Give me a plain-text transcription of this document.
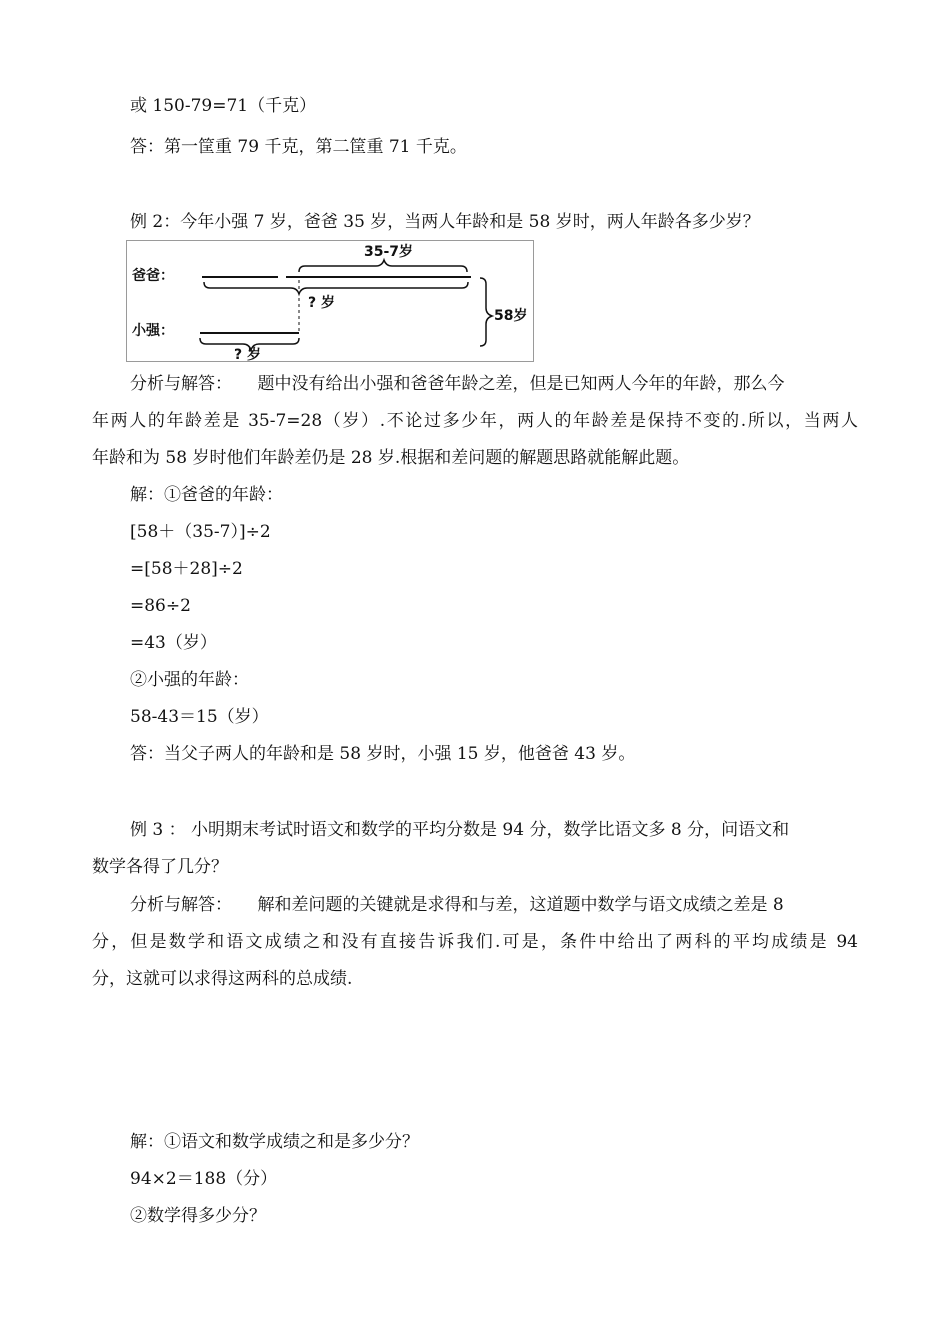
或 150-79=71（千克）
答：第一筐重 79 千克，第二筐重 71 千克。
例 2：今年小强 7 岁，爸爸 35 岁，当两人年龄和是 58 岁时，两人年龄各多少岁？
爸爸：
小强：
35-7岁
? 岁
? 岁
58岁
分析与解答：　　题中没有给出小强和爸爸年龄之差，但是已知两人今年的年龄，那么今
年两人的年龄差是 35-7=28（岁）.不论过多少年，两人的年龄差是保持不变的.所以，当两人
年龄和为 58 岁时他们年龄差仍是 28 岁.根据和差问题的解题思路就能解此题。
解：①爸爸的年龄：
[58＋（35-7）]÷2
=[58＋28]÷2
=86÷2
=43（岁）
②小强的年龄：
58-43＝15（岁）
答：当父子两人的年龄和是 58 岁时，小强 15 岁，他爸爸 43 岁。
例 3 ： 小明期末考试时语文和数学的平均分数是 94 分，数学比语文多 8 分，问语文和
数学各得了几分？
分析与解答：　　解和差问题的关键就是求得和与差，这道题中数学与语文成绩之差是 8
分，但是数学和语文成绩之和没有直接告诉我们.可是，条件中给出了两科的平均成绩是 94
分，这就可以求得这两科的总成绩.
解：①语文和数学成绩之和是多少分？
94×2＝188（分）
②数学得多少分？
